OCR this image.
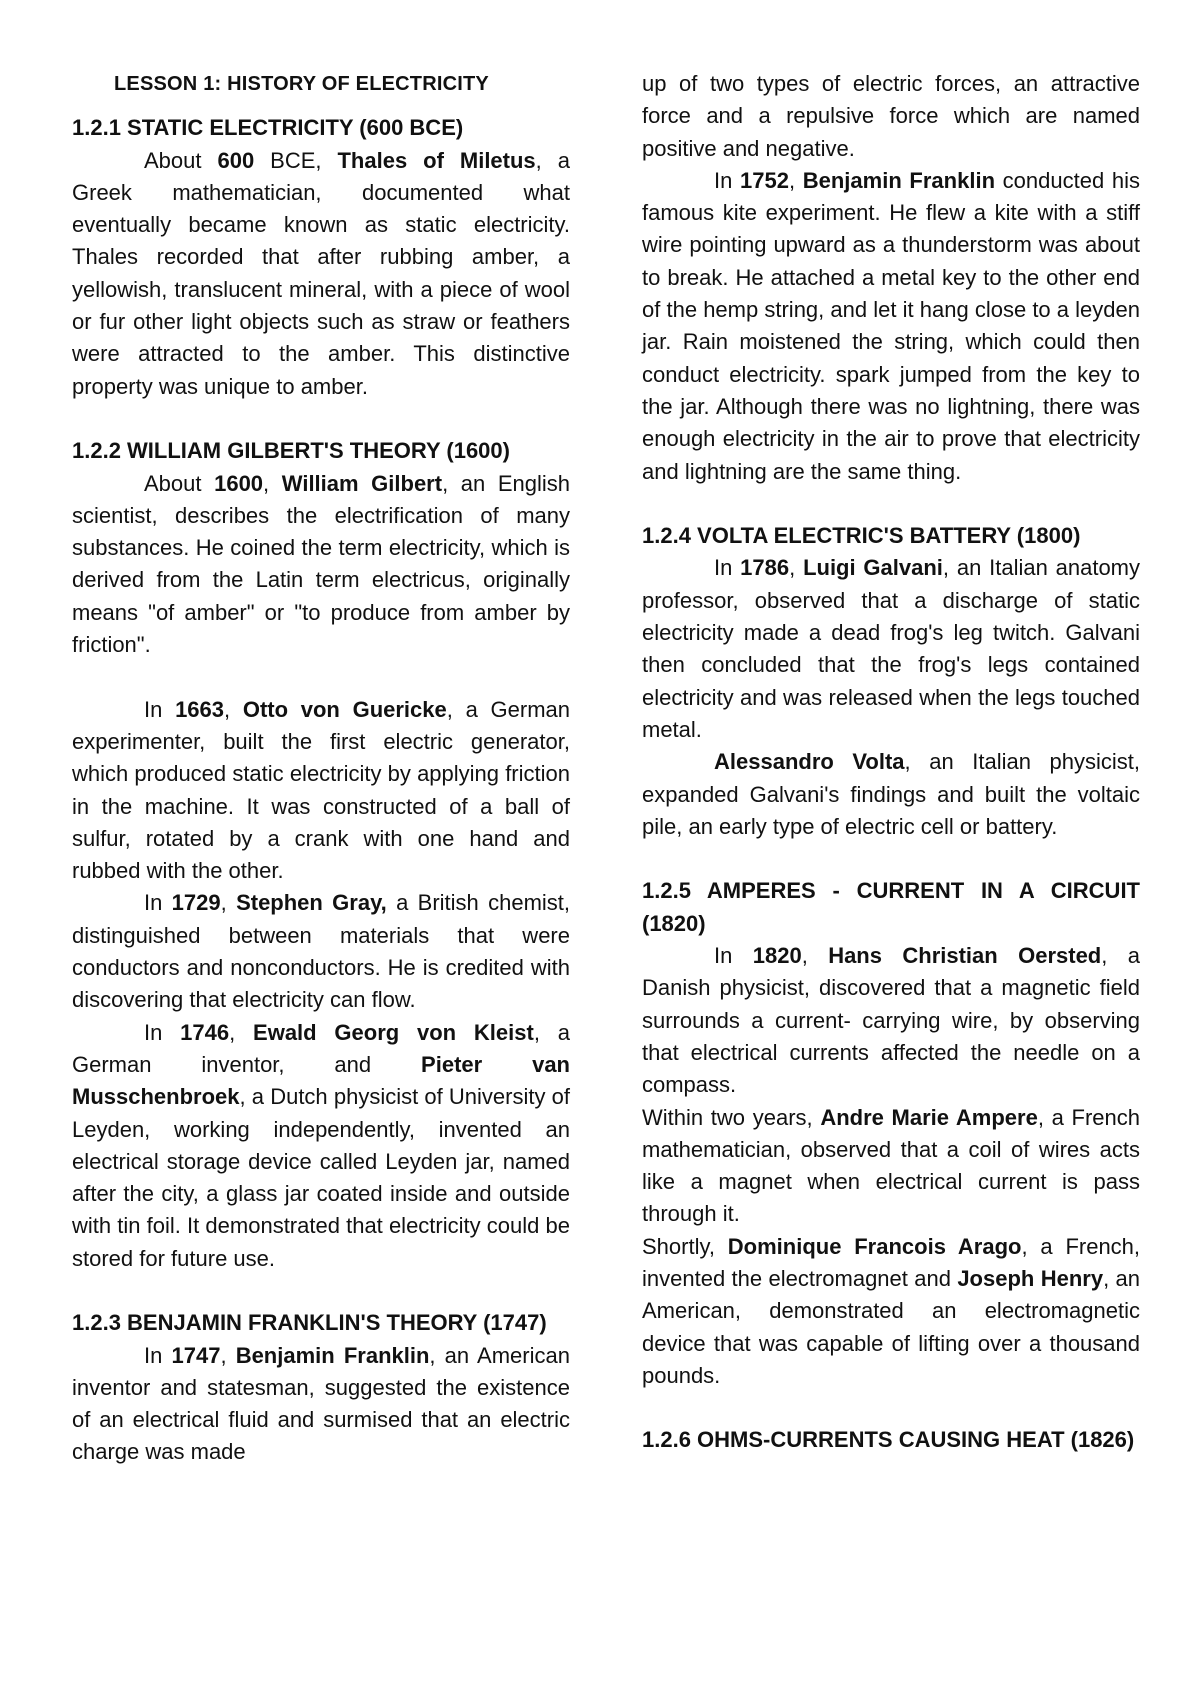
LESSON 1: HISTORY OF ELECTRICITY
1.2.1 STATIC ELECTRICITY (600 BCE)

About 600 BCE, Thales of Miletus, a Greek mathematician, documented what eventually became known as static electricity. Thales recorded that after rubbing amber, a yellowish, translucent mineral, with a piece of wool or fur other light objects such as straw or feathers were attracted to the amber. This distinctive property was unique to amber.

1.2.2 WILLIAM GILBERT'S THEORY (1600)

About 1600, William Gilbert, an English scientist, describes the electrification of many substances. He coined the term electricity, which is derived from the Latin term electricus, originally means "of amber" or "to produce from amber by friction".

In 1663, Otto von Guericke, a German experimenter, built the first electric generator, which produced static electricity by applying friction in the machine. It was constructed of a ball of sulfur, rotated by a crank with one hand and rubbed with the other.

In 1729, Stephen Gray, a British chemist, distinguished between materials that were conductors and nonconductors. He is credited with discovering that electricity can flow.

In 1746, Ewald Georg von Kleist, a German inventor, and Pieter van Musschenbroek, a Dutch physicist of University of Leyden, working independently, invented an electrical storage device called Leyden jar, named after the city, a glass jar coated inside and outside with tin foil. It demonstrated that electricity could be stored for future use.

1.2.3 BENJAMIN FRANKLIN'S THEORY (1747)

In 1747, Benjamin Franklin, an American inventor and statesman, suggested the existence of an electrical fluid and surmised that an electric charge was made

up of two types of electric forces, an attractive force and a repulsive force which are named positive and negative.

In 1752, Benjamin Franklin conducted his famous kite experiment. He flew a kite with a stiff wire pointing upward as a thunderstorm was about to break. He attached a metal key to the other end of the hemp string, and let it hang close to a leyden jar. Rain moistened the string, which could then conduct electricity. spark jumped from the key to the jar. Although there was no lightning, there was enough electricity in the air to prove that electricity and lightning are the same thing.

1.2.4 VOLTA ELECTRIC'S BATTERY (1800)

In 1786, Luigi Galvani, an Italian anatomy professor, observed that a discharge of static electricity made a dead frog's leg twitch. Galvani then concluded that the frog's legs contained electricity and was released when the legs touched metal.

Alessandro Volta, an Italian physicist, expanded Galvani's findings and built the voltaic pile, an early type of electric cell or battery.

1.2.5 AMPERES - CURRENT IN A CIRCUIT (1820)

In 1820, Hans Christian Oersted, a Danish physicist, discovered that a magnetic field surrounds a current- carrying wire, by observing that electrical currents affected the needle on a compass.

Within two years, Andre Marie Ampere, a French mathematician, observed that a coil of wires acts like a magnet when electrical current is pass through it.

Shortly, Dominique Francois Arago, a French, invented the electromagnet and Joseph Henry, an American, demonstrated an electromagnetic device that was capable of lifting over a thousand pounds.

1.2.6 OHMS-CURRENTS CAUSING HEAT (1826)
